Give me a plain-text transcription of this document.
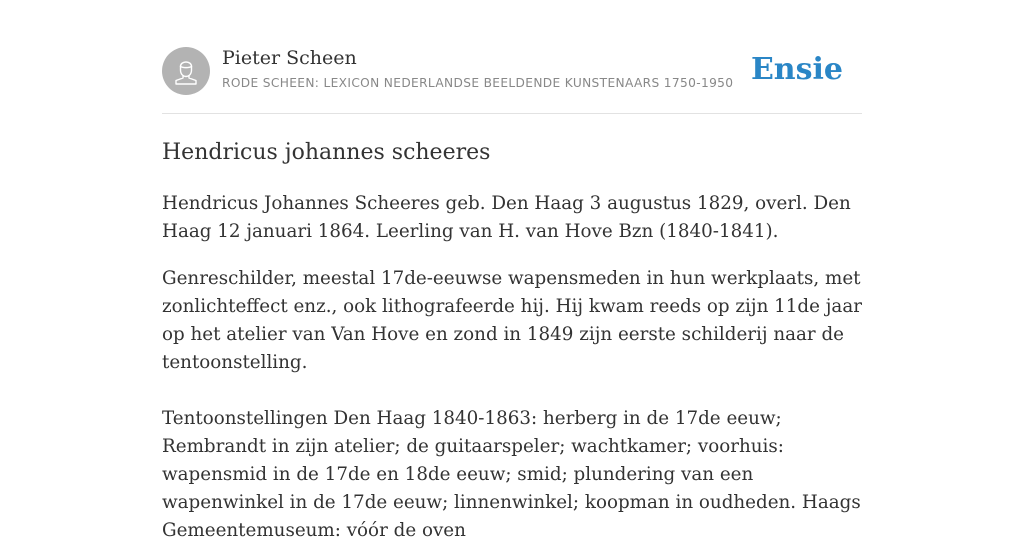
Pieter Scheen
RODE SCHEEN: LEXICON NEDERLANDSE BEELDENDE KUNSTENAARS 1750-1950 Ensie
Hendricus johannes scheeres

Hendricus Johannes Scheeres geb. Den Haag 3 augustus 1829, overl. Den Haag 12 januari 1864. Leerling van H. van Hove Bzn (1840-1841).

Genreschilder, meestal 17de-eeuwse wapensmeden in hun werkplaats, met zonlichteffect enz., ook lithografeerde hij. Hij kwam reeds op zijn 11de jaar op het atelier van Van Hove en zond in 1849 zijn eerste schilderij naar de tentoonstelling.

Tentoonstellingen Den Haag 1840-1863: herberg in de 17de eeuw; Rembrandt in zijn atelier; de guitaarspeler; wachtkamer; voorhuis: wapensmid in de 17de en 18de eeuw; smid; plundering van een wapenwinkel in de 17de eeuw; linnenwinkel; koopman in oudheden. Haags Gemeentemuseum: vóór de oven
